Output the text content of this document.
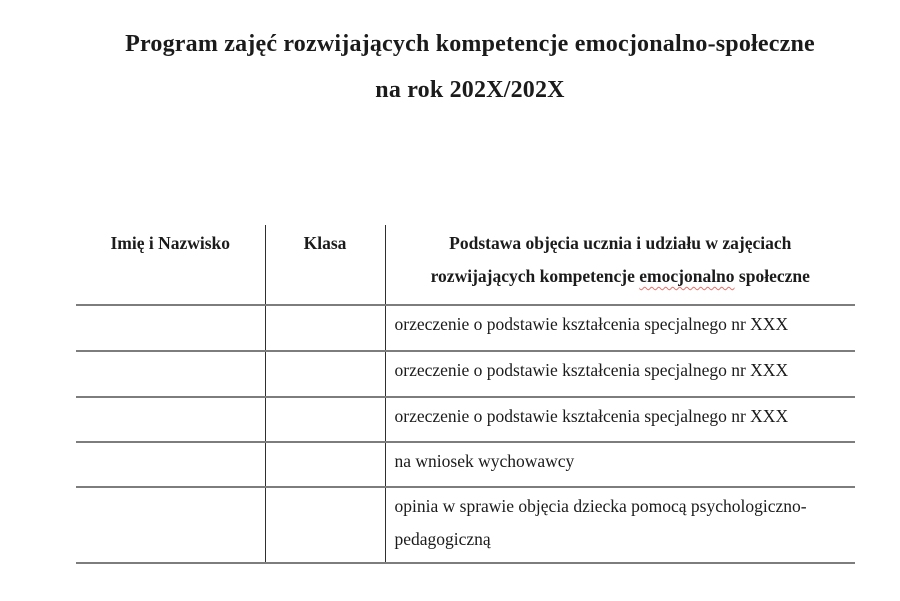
Program zajęć rozwijających kompetencje emocjonalno-społeczne
na rok 202X/202X
Imię i Nazwisko	Klasa	Podstawa objęcia ucznia i udziału w zajęciach
rozwijających kompetencje emocjonalno społeczne

		orzeczenie o podstawie kształcenia specjalnego nr XXX
		orzeczenie o podstawie kształcenia specjalnego nr XXX
		orzeczenie o podstawie kształcenia specjalnego nr XXX
		na wniosek wychowawcy
		opinia w sprawie objęcia dziecka pomocą psychologiczno-pedagogiczną
